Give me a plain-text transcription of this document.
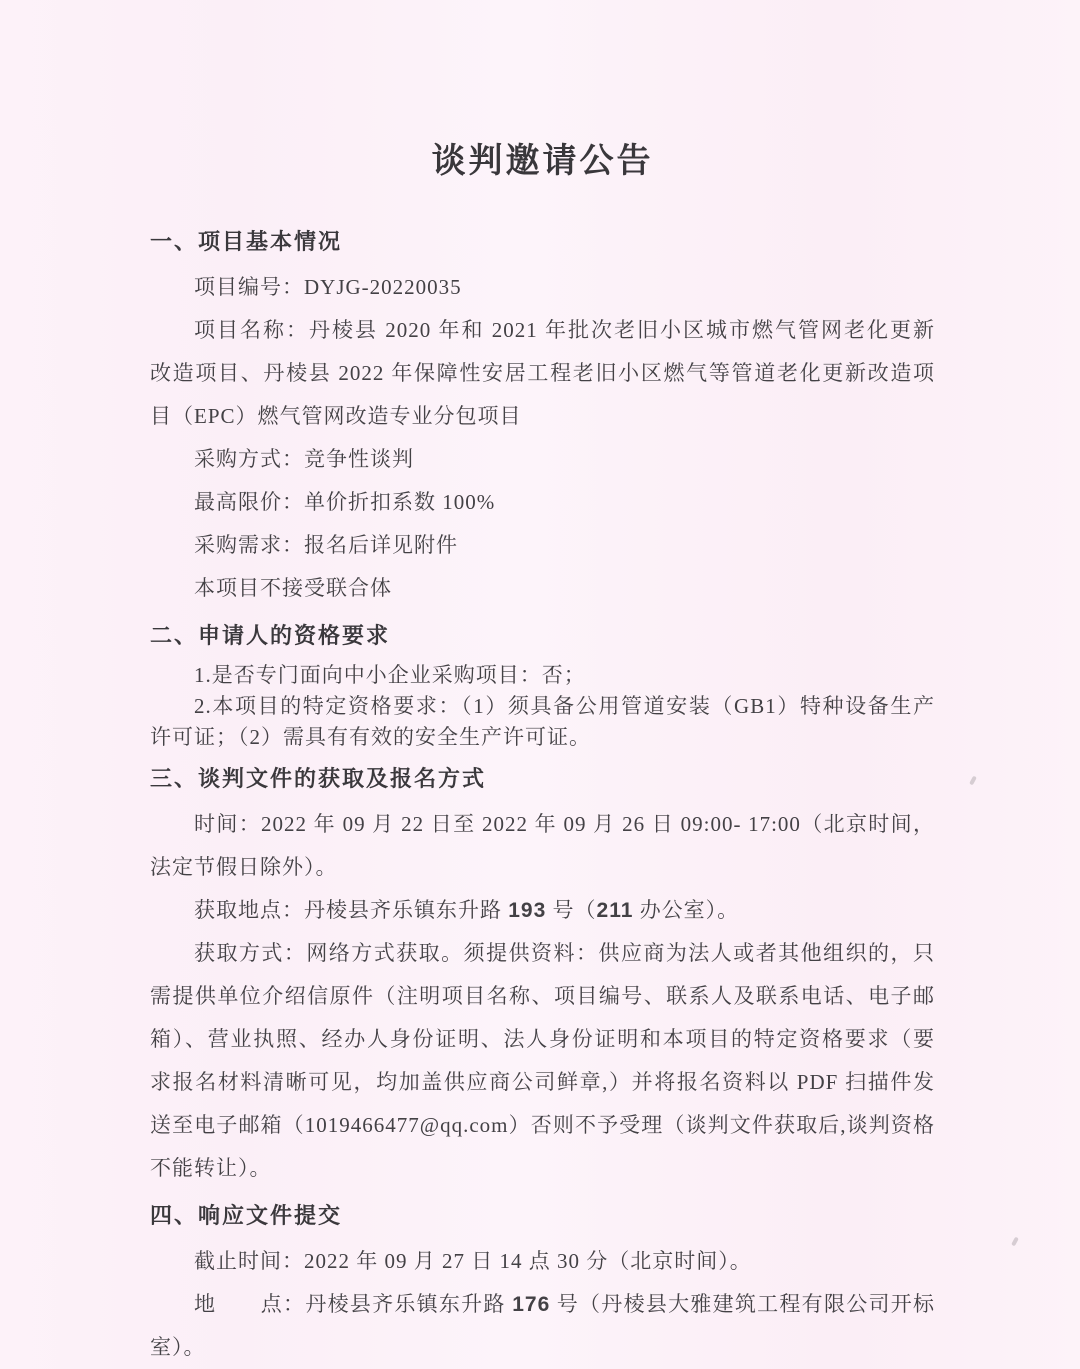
谈判邀请公告
一、项目基本情况
项目编号：DYJG-20220035
项目名称：丹棱县 2020 年和 2021 年批次老旧小区城市燃气管网老化更新
改造项目、丹棱县 2022 年保障性安居工程老旧小区燃气等管道老化更新改造项
目（EPC）燃气管网改造专业分包项目
采购方式：竞争性谈判
最高限价：单价折扣系数 100%
采购需求：报名后详见附件
本项目不接受联合体
二、申请人的资格要求
1.是否专门面向中小企业采购项目：否；
2.本项目的特定资格要求：（1）须具备公用管道安装（GB1）特种设备生产
许可证；（2）需具有有效的安全生产许可证。
三、谈判文件的获取及报名方式
时间：2022 年 09 月 22 日至 2022 年 09 月 26 日 09:00- 17:00（北京时间，
法定节假日除外）。
获取地点：丹棱县齐乐镇东升路 193 号（211 办公室）。
获取方式：网络方式获取。须提供资料：供应商为法人或者其他组织的，只
需提供单位介绍信原件（注明项目名称、项目编号、联系人及联系电话、电子邮
箱）、营业执照、经办人身份证明、法人身份证明和本项目的特定资格要求（要
求报名材料清晰可见，均加盖供应商公司鲜章,）并将报名资料以 PDF 扫描件发
送至电子邮箱（1019466477@qq.com）否则不予受理（谈判文件获取后,谈判资格
不能转让）。
四、响应文件提交
截止时间：2022 年 09 月 27 日 14 点 30 分（北京时间）。
地　　点：丹棱县齐乐镇东升路 176 号（丹棱县大雅建筑工程有限公司开标
室）。
